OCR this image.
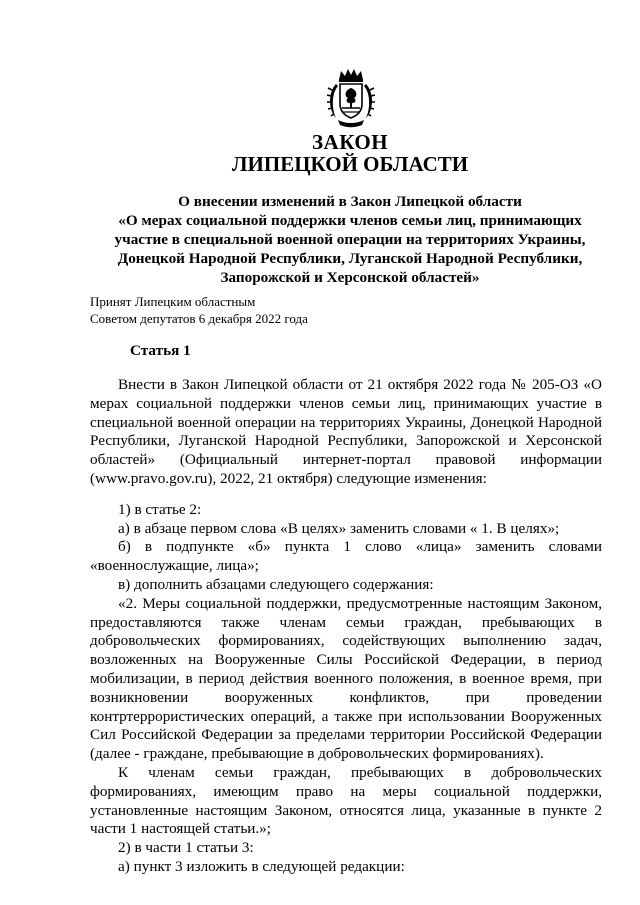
ЗАКОН
ЛИПЕЦКОЙ ОБЛАСТИ
О внесении изменений в Закон Липецкой области
«О мерах социальной поддержки членов семьи лиц, принимающих
участие в специальной военной операции на территориях Украины,
Донецкой Народной Республики, Луганской Народной Республики,
Запорожской и Херсонской областей»
Принят Липецким областным
Советом депутатов 6 декабря 2022 года
Статья 1
Внести в Закон Липецкой области от 21 октября 2022 года № 205-ОЗ «О
мерах социальной поддержки членов семьи лиц, принимающих участие в
специальной военной операции на территориях Украины, Донецкой Народной
Республики, Луганской Народной Республики, Запорожской и Херсонской
областей» (Официальный интернет-портал правовой информации
(www.pravo.gov.ru), 2022, 21 октября) следующие изменения:
1) в статье 2:
а) в абзаце первом слова «В целях» заменить словами « 1. В целях»;
б) в подпункте «б» пункта 1 слово «лица» заменить словами
«военнослужащие, лица»;
в) дополнить абзацами следующего содержания:
«2. Меры социальной поддержки, предусмотренные настоящим Законом,
предоставляются также членам семьи граждан, пребывающих в
добровольческих формированиях, содействующих выполнению задач,
возложенных на Вооруженные Силы Российской Федерации, в период
мобилизации, в период действия военного положения, в военное время, при
возникновении вооруженных конфликтов, при проведении
контртеррористических операций, а также при использовании Вооруженных
Сил Российской Федерации за пределами территории Российской Федерации
(далее - граждане, пребывающие в добровольческих формированиях).
К членам семьи граждан, пребывающих в добровольческих
формированиях, имеющим право на меры социальной поддержки,
установленные настоящим Законом, относятся лица, указанные в пункте 2
части 1 настоящей статьи.»;
2) в части 1 статьи 3:
а) пункт 3 изложить в следующей редакции:
